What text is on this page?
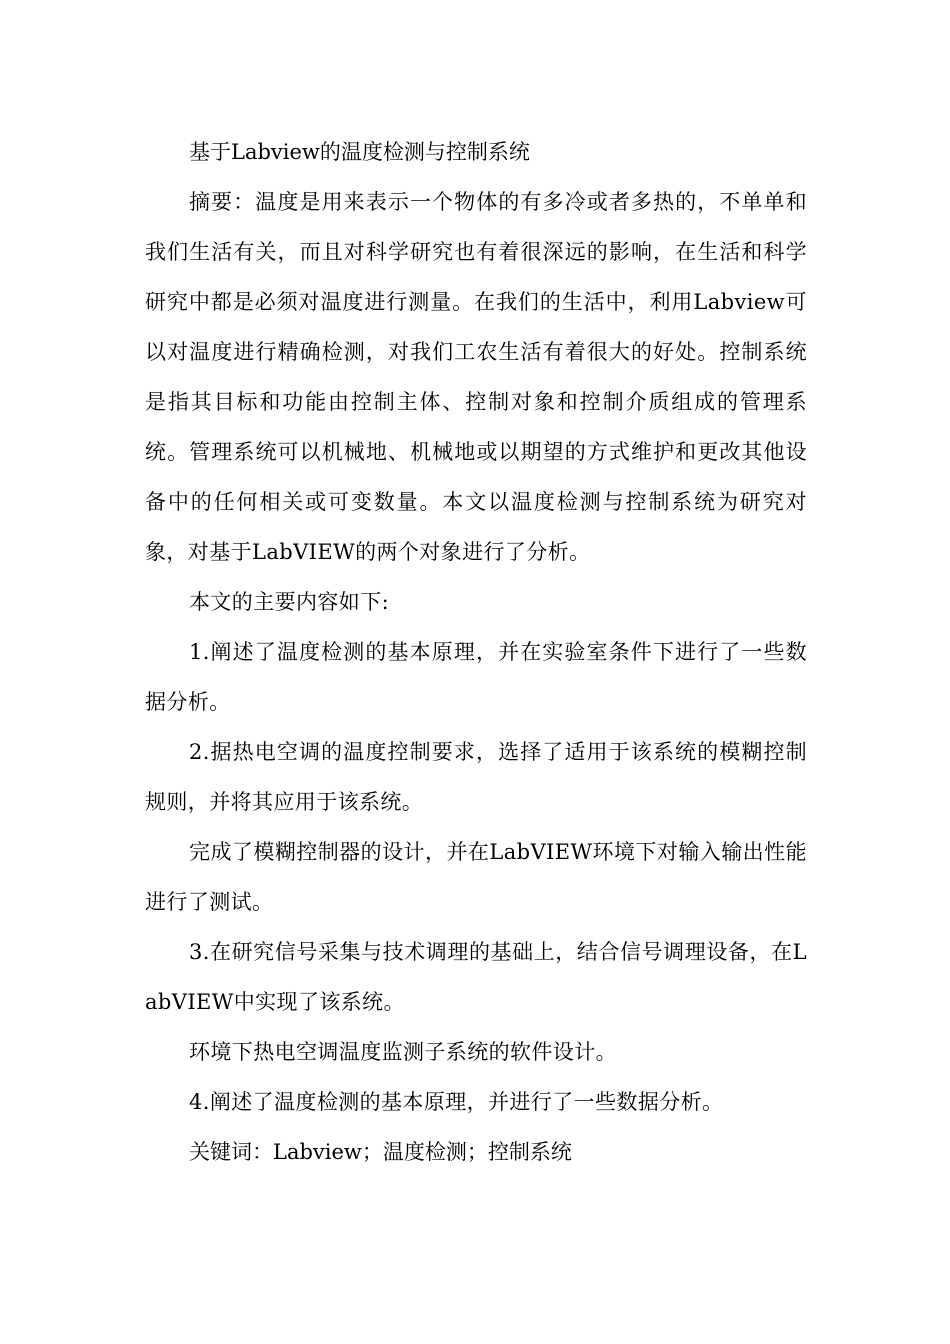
基于Labview的温度检测与控制系统

摘要：温度是用来表示一个物体的有多冷或者多热的，不单单和我们生活有关，而且对科学研究也有着很深远的影响，在生活和科学研究中都是必须对温度进行测量。在我们的生活中，利用Labview可以对温度进行精确检测，对我们工农生活有着很大的好处。控制系统是指其目标和功能由控制主体、控制对象和控制介质组成的管理系统。管理系统可以机械地、机械地或以期望的方式维护和更改其他设备中的任何相关或可变数量。本文以温度检测与控制系统为研究对象，对基于LabVIEW的两个对象进行了分析。

本文的主要内容如下:

1.阐述了温度检测的基本原理，并在实验室条件下进行了一些数据分析。

2.据热电空调的温度控制要求，选择了适用于该系统的模糊控制规则，并将其应用于该系统。

完成了模糊控制器的设计，并在LabVIEW环境下对输入输出性能进行了测试。

3.在研究信号采集与技术调理的基础上，结合信号调理设备，在LabVIEW中实现了该系统。

环境下热电空调温度监测子系统的软件设计。

4.阐述了温度检测的基本原理，并进行了一些数据分析。

关键词：Labview；温度检测；控制系统
